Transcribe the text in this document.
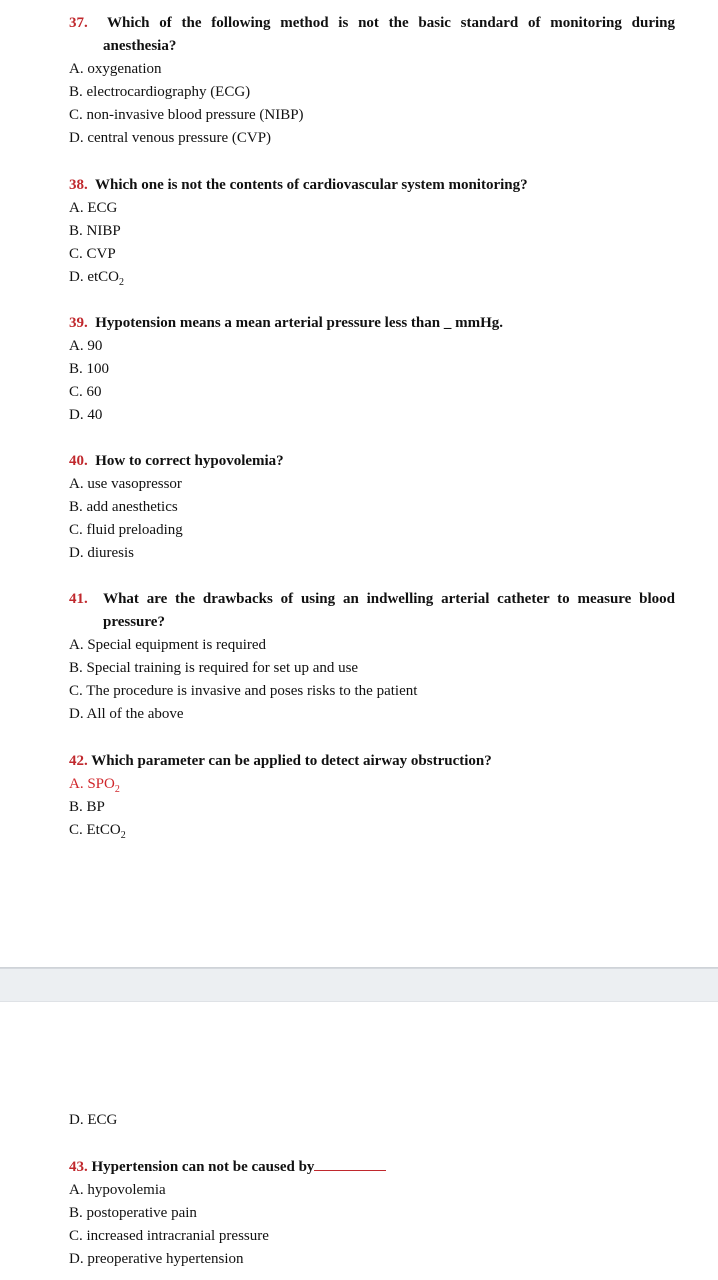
37. Which of the following method is not the basic standard of monitoring during

anesthesia?

A. oxygenation

B. electrocardiography (ECG)

C. non-invasive blood pressure (NIBP)

D. central venous pressure (CVP)

38. Which one is not the contents of cardiovascular system monitoring?

A. ECG

B. NIBP

C. CVP

D. etCO$_2$

39. Hypotension means a mean arterial pressure less than _ mmHg.

A. 90

B. 100

C. 60

D. 40

40. How to correct hypovolemia?

A. use vasopressor

B. add anesthetics

C. fluid preloading

D. diuresis

41. What are the drawbacks of using an indwelling arterial catheter to measure blood

pressure?

A. Special equipment is required

B. Special training is required for set up and use

C. The procedure is invasive and poses risks to the patient

D. All of the above

42. Which parameter can be applied to detect airway obstruction?

A. $SPO_2$

B. BP

C. EtCO$_2$

D. ECG

43. Hypertension can not be caused by

A. hypovolemia

B. postoperative pain

C. increased intracranial pressure

D. preoperative hypertension
